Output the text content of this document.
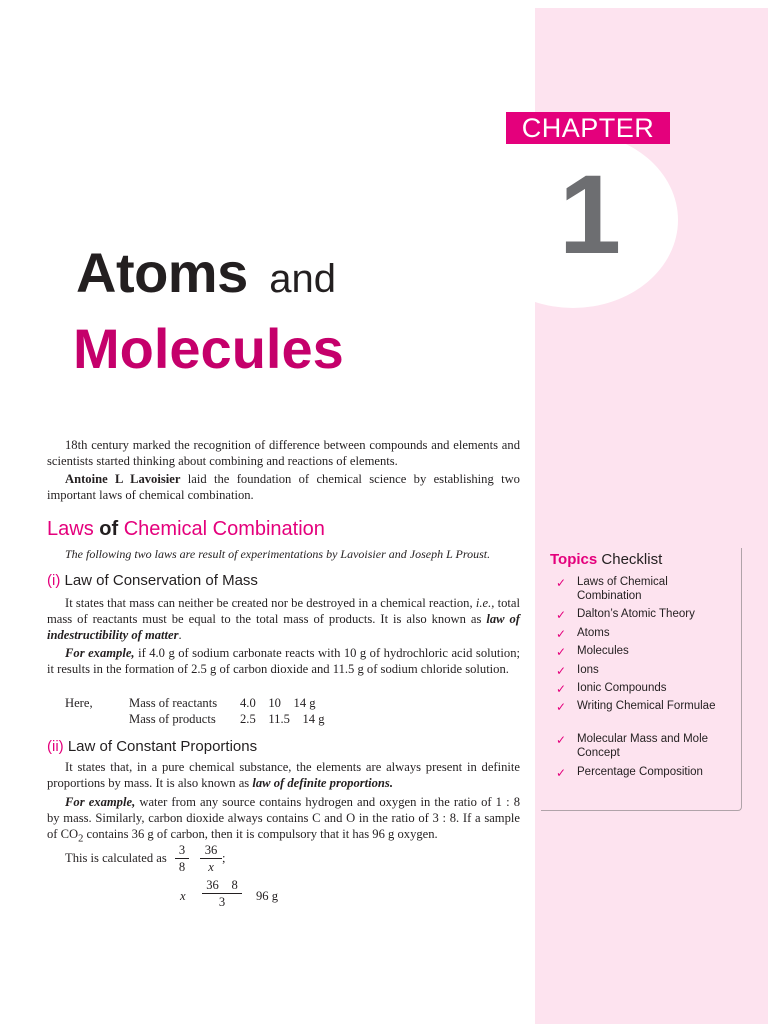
CHAPTER
1
Atoms and
Molecules

18th century marked the recognition of difference between compounds and elements and scientists started thinking about combining and reactions of elements.

Antoine L Lavoisier laid the foundation of chemical science by establishing two important laws of chemical combination.

Laws of Chemical Combination
The following two laws are result of experimentations by Lavoisier and Joseph L Proust.
(i) Law of Conservation of Mass

It states that mass can neither be created nor be destroyed in a chemical reaction, i.e., total mass of reactants must be equal to the total mass of products. It is also known as law of indestructibility of matter.

For example, if 4.0 g of sodium carbonate reacts with 10 g of hydrochloric acid solution; it results in the formation of 2.5 g of carbon dioxide and 11.5 g of sodium chloride solution.

Here,	Mass of reactants 4.0    10    14 g
Mass of products 2.5    11.5    14 g
(ii) Law of Constant Proportions

It states that, in a pure chemical substance, the elements are always present in definite proportions by mass. It is also known as law of definite proportions.

For example, water from any source contains hydrogen and oxygen in the ratio of 1 : 8 by mass. Similarly, carbon dioxide always contains C and O in the ratio of 3 : 8. If a sample of $CO_2$ contains 36 g of carbon, then it is compulsory that it has 96 g oxygen.

This is calculated as
3
8
36
x
;
x
36    8
3	96 g
Topics Checklist
✓ Laws of Chemical Combination
✓ Dalton’s Atomic Theory
✓ Atoms
✓ Molecules
✓ Ions
✓ Ionic Compounds
✓ Writing Chemical Formulae
✓ Molecular Mass and Mole Concept
✓ Percentage Composition
